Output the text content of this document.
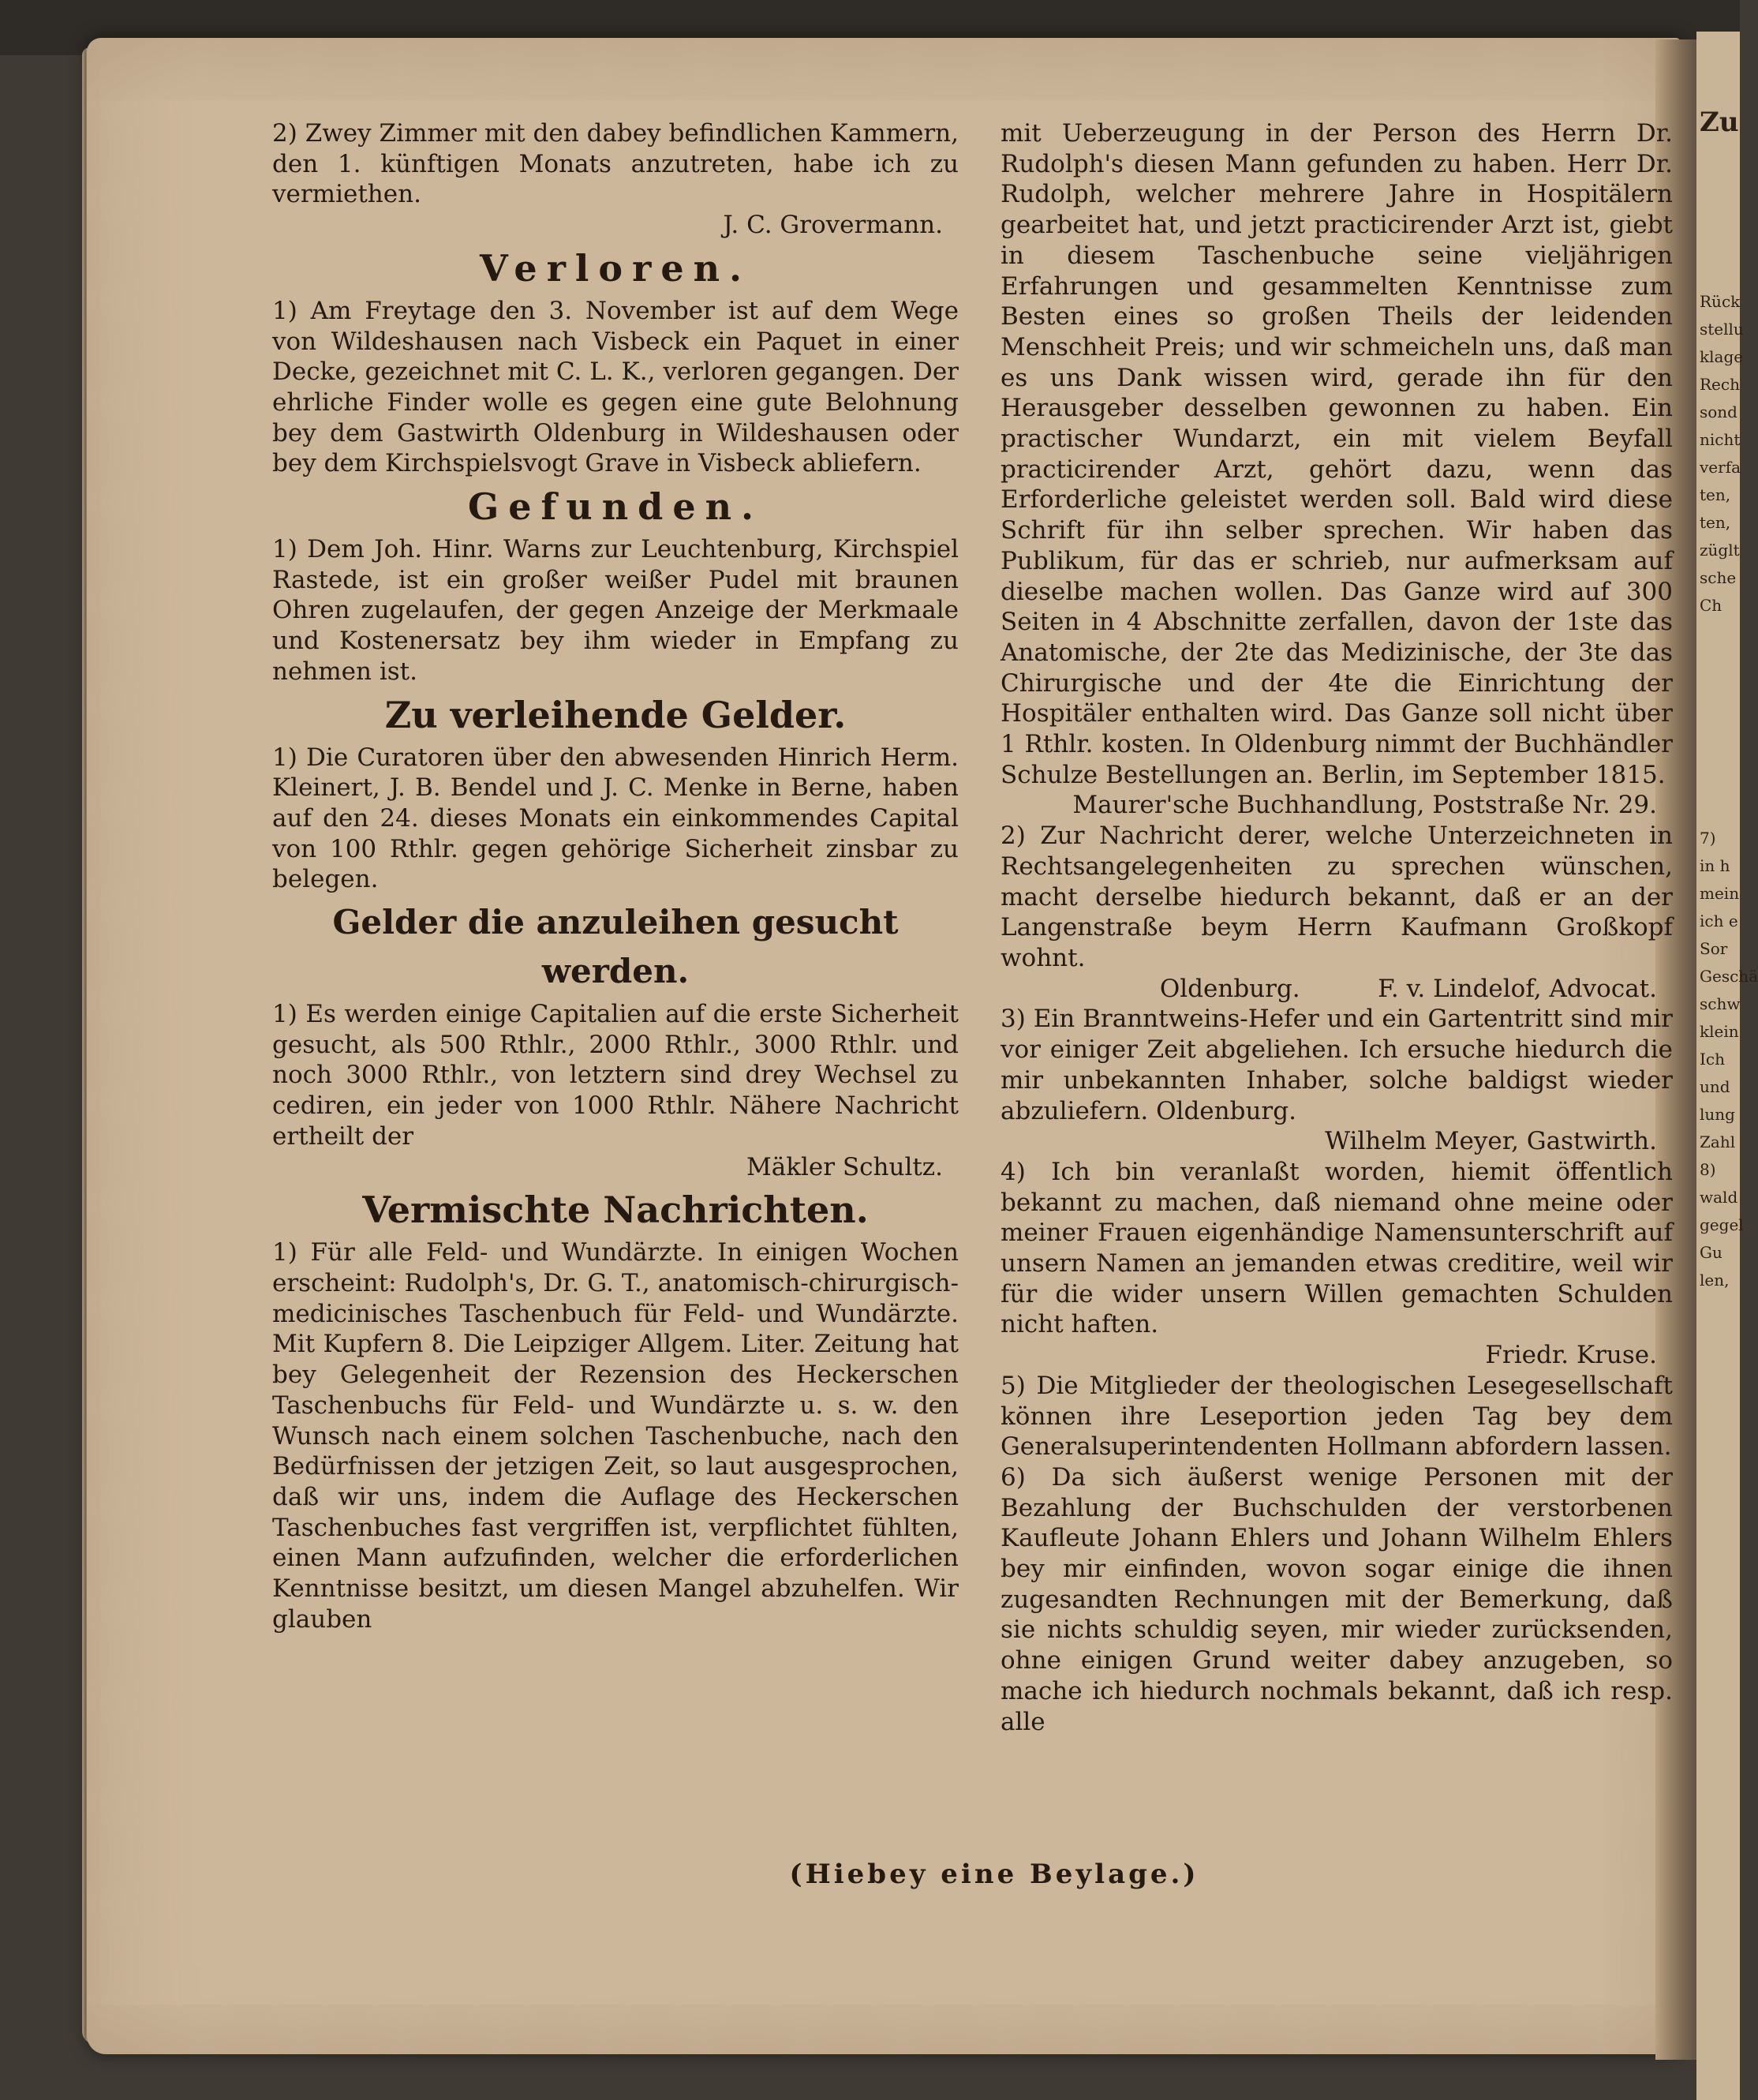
Zu
Rück
stellu
klage
Rech
sond
nicht
verfa
ten,
ten,
züglt
sche
Ch
7)
in h
mein
ich e
Sor
Geschä
schw
klein
Ich
und
lung
Zahl
8)
wald
gegel
Gu
len,

2) Zwey Zimmer mit den dabey befindlichen Kammern, den 1. künftigen Monats anzutreten, habe ich zu vermiethen.

J. C. Grovermann.

Verloren.

1) Am Freytage den 3. November ist auf dem Wege von Wildeshausen nach Visbeck ein Paquet in einer Decke, gezeichnet mit C. L. K., verloren gegangen. Der ehrliche Finder wolle es gegen eine gute Belohnung bey dem Gastwirth Oldenburg in Wildeshausen oder bey dem Kirchspielsvogt Grave in Visbeck abliefern.

Gefunden.

1) Dem Joh. Hinr. Warns zur Leuchtenburg, Kirchspiel Rastede, ist ein großer weißer Pudel mit braunen Ohren zugelaufen, der gegen Anzeige der Merkmaale und Kostenersatz bey ihm wieder in Empfang zu nehmen ist.

Zu verleihende Gelder.

1) Die Curatoren über den abwesenden Hinrich Herm. Kleinert, J. B. Bendel und J. C. Menke in Berne, haben auf den 24. dieses Monats ein einkommendes Capital von 100 Rthlr. gegen gehörige Sicherheit zinsbar zu belegen.

Gelder die anzuleihen gesucht werden.

1) Es werden einige Capitalien auf die erste Sicherheit gesucht, als 500 Rthlr., 2000 Rthlr., 3000 Rthlr. und noch 3000 Rthlr., von letztern sind drey Wechsel zu cediren, ein jeder von 1000 Rthlr. Nähere Nachricht ertheilt der

Mäkler Schultz.

Vermischte Nachrichten.

1) Für alle Feld- und Wundärzte. In einigen Wochen erscheint: Rudolph's, Dr. G. T., anatomisch-chirurgisch-medicinisches Taschenbuch für Feld- und Wundärzte. Mit Kupfern 8. Die Leipziger Allgem. Liter. Zeitung hat bey Gelegenheit der Rezension des Heckerschen Taschenbuchs für Feld- und Wundärzte u. s. w. den Wunsch nach einem solchen Taschenbuche, nach den Bedürfnissen der jetzigen Zeit, so laut ausgesprochen, daß wir uns, indem die Auflage des Heckerschen Taschenbuches fast vergriffen ist, verpflichtet fühlten, einen Mann aufzufinden, welcher die erforderlichen Kenntnisse besitzt, um diesen Mangel abzuhelfen. Wir glauben

mit Ueberzeugung in der Person des Herrn Dr. Rudolph's diesen Mann gefunden zu haben. Herr Dr. Rudolph, welcher mehrere Jahre in Hospitälern gearbeitet hat, und jetzt practicirender Arzt ist, giebt in diesem Taschenbuche seine vieljährigen Erfahrungen und gesammelten Kenntnisse zum Besten eines so großen Theils der leidenden Menschheit Preis; und wir schmeicheln uns, daß man es uns Dank wissen wird, gerade ihn für den Herausgeber desselben gewonnen zu haben. Ein practischer Wundarzt, ein mit vielem Beyfall practicirender Arzt, gehört dazu, wenn das Erforderliche geleistet werden soll. Bald wird diese Schrift für ihn selber sprechen. Wir haben das Publikum, für das er schrieb, nur aufmerksam auf dieselbe machen wollen. Das Ganze wird auf 300 Seiten in 4 Abschnitte zerfallen, davon der 1ste das Anatomische, der 2te das Medizinische, der 3te das Chirurgische und der 4te die Einrichtung der Hospitäler enthalten wird. Das Ganze soll nicht über 1 Rthlr. kosten. In Oldenburg nimmt der Buchhändler Schulze Bestellungen an. Berlin, im September 1815.

Maurer'sche Buchhandlung, Poststraße Nr. 29.

2) Zur Nachricht derer, welche Unterzeichneten in Rechtsangelegenheiten zu sprechen wünschen, macht derselbe hiedurch bekannt, daß er an der Langenstraße beym Herrn Kaufmann Großkopf wohnt.

Oldenburg.          F. v. Lindelof, Advocat.

3) Ein Branntweins-Hefer und ein Gartentritt sind mir vor einiger Zeit abgeliehen. Ich ersuche hiedurch die mir unbekannten Inhaber, solche baldigst wieder abzuliefern. Oldenburg.

Wilhelm Meyer, Gastwirth.

4) Ich bin veranlaßt worden, hiemit öffentlich bekannt zu machen, daß niemand ohne meine oder meiner Frauen eigenhändige Namensunterschrift auf unsern Namen an jemanden etwas creditire, weil wir für die wider unsern Willen gemachten Schulden nicht haften.

Friedr. Kruse.

5) Die Mitglieder der theologischen Lesegesellschaft können ihre Leseportion jeden Tag bey dem Generalsuperintendenten Hollmann abfordern lassen.

6) Da sich äußerst wenige Personen mit der Bezahlung der Buchschulden der verstorbenen Kaufleute Johann Ehlers und Johann Wilhelm Ehlers bey mir einfinden, wovon sogar einige die ihnen zugesandten Rechnungen mit der Bemerkung, daß sie nichts schuldig seyen, mir wieder zurücksenden, ohne einigen Grund weiter dabey anzugeben, so mache ich hiedurch nochmals bekannt, daß ich resp. alle

(Hiebey eine Beylage.)
